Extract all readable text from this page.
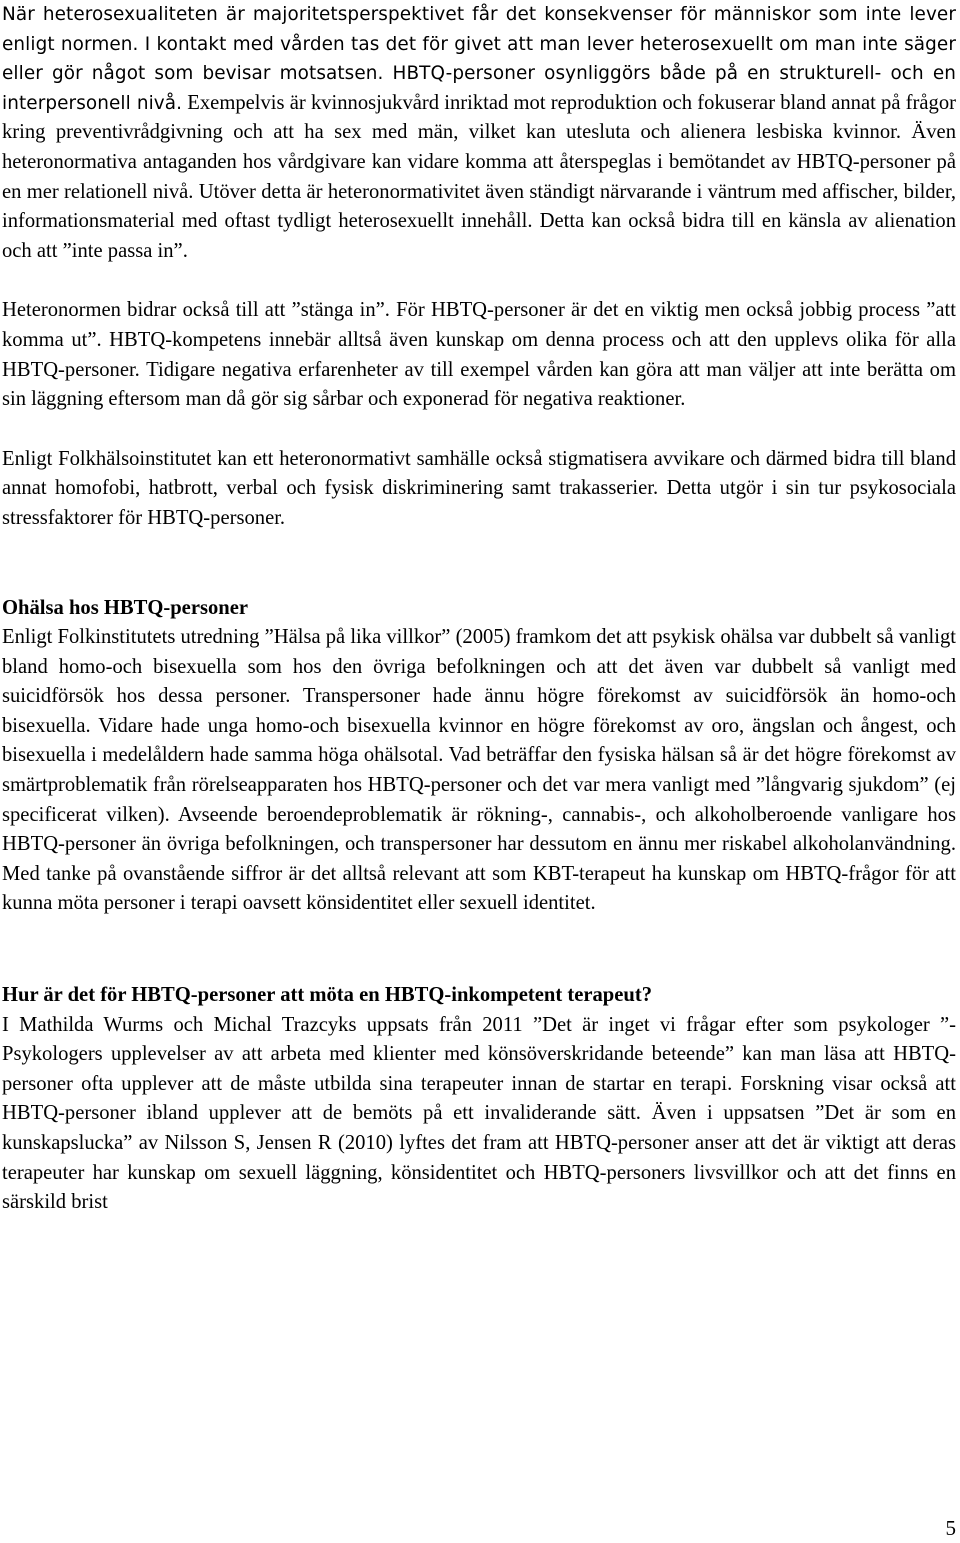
När heterosexualiteten är majoritetsperspektivet får det konsekvenser för människor som inte lever enligt normen. I kontakt med vården tas det för givet att man lever heterosexuellt om man inte säger eller gör något som bevisar motsatsen. HBTQ-personer osynliggörs både på en strukturell- och en interpersonell nivå. Exempelvis är kvinnosjukvård inriktad mot reproduktion och fokuserar bland annat på frågor kring preventivrådgivning och att ha sex med män, vilket kan utesluta och alienera lesbiska kvinnor. Även heteronormativa antaganden hos vårdgivare kan vidare komma att återspeglas i bemötandet av HBTQ-personer på en mer relationell nivå. Utöver detta är heteronormativitet även ständigt närvarande i väntrum med affischer, bilder, informationsmaterial med oftast tydligt heterosexuellt innehåll. Detta kan också bidra till en känsla av alienation och att ”inte passa in”.

Heteronormen bidrar också till att ”stänga in”. För HBTQ-personer är det en viktig men också jobbig process ”att komma ut”. HBTQ-kompetens innebär alltså även kunskap om denna process och att den upplevs olika för alla HBTQ-personer. Tidigare negativa erfarenheter av till exempel vården kan göra att man väljer att inte berätta om sin läggning eftersom man då gör sig sårbar och exponerad för negativa reaktioner.

Enligt Folkhälsoinstitutet kan ett heteronormativt samhälle också stigmatisera avvikare och därmed bidra till bland annat homofobi, hatbrott, verbal och fysisk diskriminering samt trakasserier. Detta utgör i sin tur psykosociala stressfaktorer för HBTQ-personer.

Ohälsa hos HBTQ-personer

Enligt Folkinstitutets utredning ”Hälsa på lika villkor” (2005) framkom det att psykisk ohälsa var dubbelt så vanligt bland homo-och bisexuella som hos den övriga befolkningen och att det även var dubbelt så vanligt med suicidförsök hos dessa personer. Transpersoner hade ännu högre förekomst av suicidförsök än homo-och bisexuella. Vidare hade unga homo-och bisexuella kvinnor en högre förekomst av oro, ängslan och ångest, och bisexuella i medelåldern hade samma höga ohälsotal. Vad beträffar den fysiska hälsan så är det högre förekomst av smärtproblematik från rörelseapparaten hos HBTQ-personer och det var mera vanligt med ”långvarig sjukdom” (ej specificerat vilken). Avseende beroendeproblematik är rökning-, cannabis-, och alkoholberoende vanligare hos HBTQ-personer än övriga befolkningen, och transpersoner har dessutom en ännu mer riskabel alkoholanvändning. Med tanke på ovanstående siffror är det alltså relevant att som KBT-terapeut ha kunskap om HBTQ-frågor för att kunna möta personer i terapi oavsett könsidentitet eller sexuell identitet.

Hur är det för HBTQ-personer att möta en HBTQ-inkompetent terapeut?

I Mathilda Wurms och Michal Trazcyks uppsats från 2011 ”Det är inget vi frågar efter som psykologer ”-Psykologers upplevelser av att arbeta med klienter med könsöverskridande beteende” kan man läsa att HBTQ-personer ofta upplever att de måste utbilda sina terapeuter innan de startar en terapi. Forskning visar också att HBTQ-personer ibland upplever att de bemöts på ett invaliderande sätt. Även i uppsatsen ”Det är som en kunskapslucka” av Nilsson S, Jensen R (2010) lyftes det fram att HBTQ-personer anser att det är viktigt att deras terapeuter har kunskap om sexuell läggning, könsidentitet och HBTQ-personers livsvillkor och att det finns en särskild brist

5
